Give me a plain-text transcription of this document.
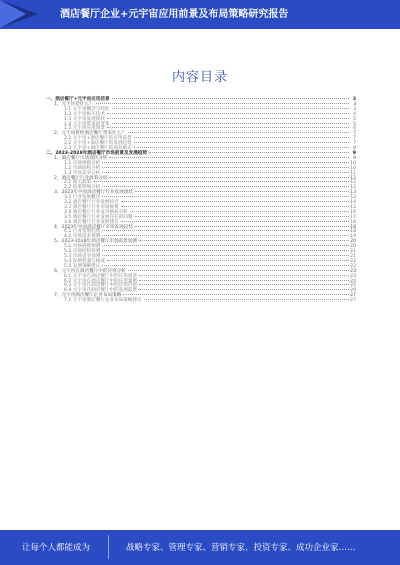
酒店餐厅企业+元宇宙应用前景及布局策略研究报告
内容目录
一、酒店餐厅+元宇宙应用前景	3
1、元宇宙是什么？	3
1.1 元宇宙概念与特征	3
1.2 元宇宙相关技术	4
1.3 元宇宙发展现状	5
1.4 元宇宙带来的变革	5
1.5 元宇宙应用场景	6
2、元宇宙将给酒店餐厅带来什么？	7
2.1 元宇宙+酒店餐厅的应用前景	7
2.2 元宇宙+酒店餐厅的发展趋势	7
2.3 元宇宙+酒店餐厅的商业模式	8
二、2023-2028年酒店餐厅市场前景及发展趋势	9
1、酒店餐厅市场现状分析	9
1.1 市场规模分析	10
1.2 市场结构分析	10
1.3 市场竞争分析	11
2、酒店餐厅行业政策分析	12
2.1 相关政策	12
2.2 政策影响分析	12
3、2023年中国酒店餐厅行业发展现状	13
3.1 行业发展概况	13
3.2 酒店餐厅行业发展特点	14
3.3 酒店餐厅行业市场规模	15
3.4 酒店餐厅行业竞争格局分析	16
3.5 酒店餐厅行业发展存在的问题	17
3.6 酒店餐厅行业发展建议	18
4、2023年中国酒店餐厅市场发展趋势	18
4.1 行业发展趋势	18
4.2 市场需求预测	19
5、2023-2028年酒店餐厅市场前景预测	20
5.1 市场规模预测	20
5.2 市场结构预测	21
5.3 市场竞争预测	21
5.4 发展机遇与挑战	22
5.5 发展策略建议	22
6、元宇宙在酒店餐厅中的应用分析	23
6.1 元宇宙在酒店餐厅中的应用场景	23
6.2 元宇宙在酒店餐厅中的应用案例	24
6.3 元宇宙在酒店餐厅中的应用价值	25
6.4 元宇宙在酒店餐厅中的发展前景	26
7、元宇宙酒店餐厅企业布局策略	27
7.1 元宇宙酒店餐厅企业布局策略建议	27
让每个人都能成为	战略专家、管理专家、营销专家、投资专家、成功企业家……
